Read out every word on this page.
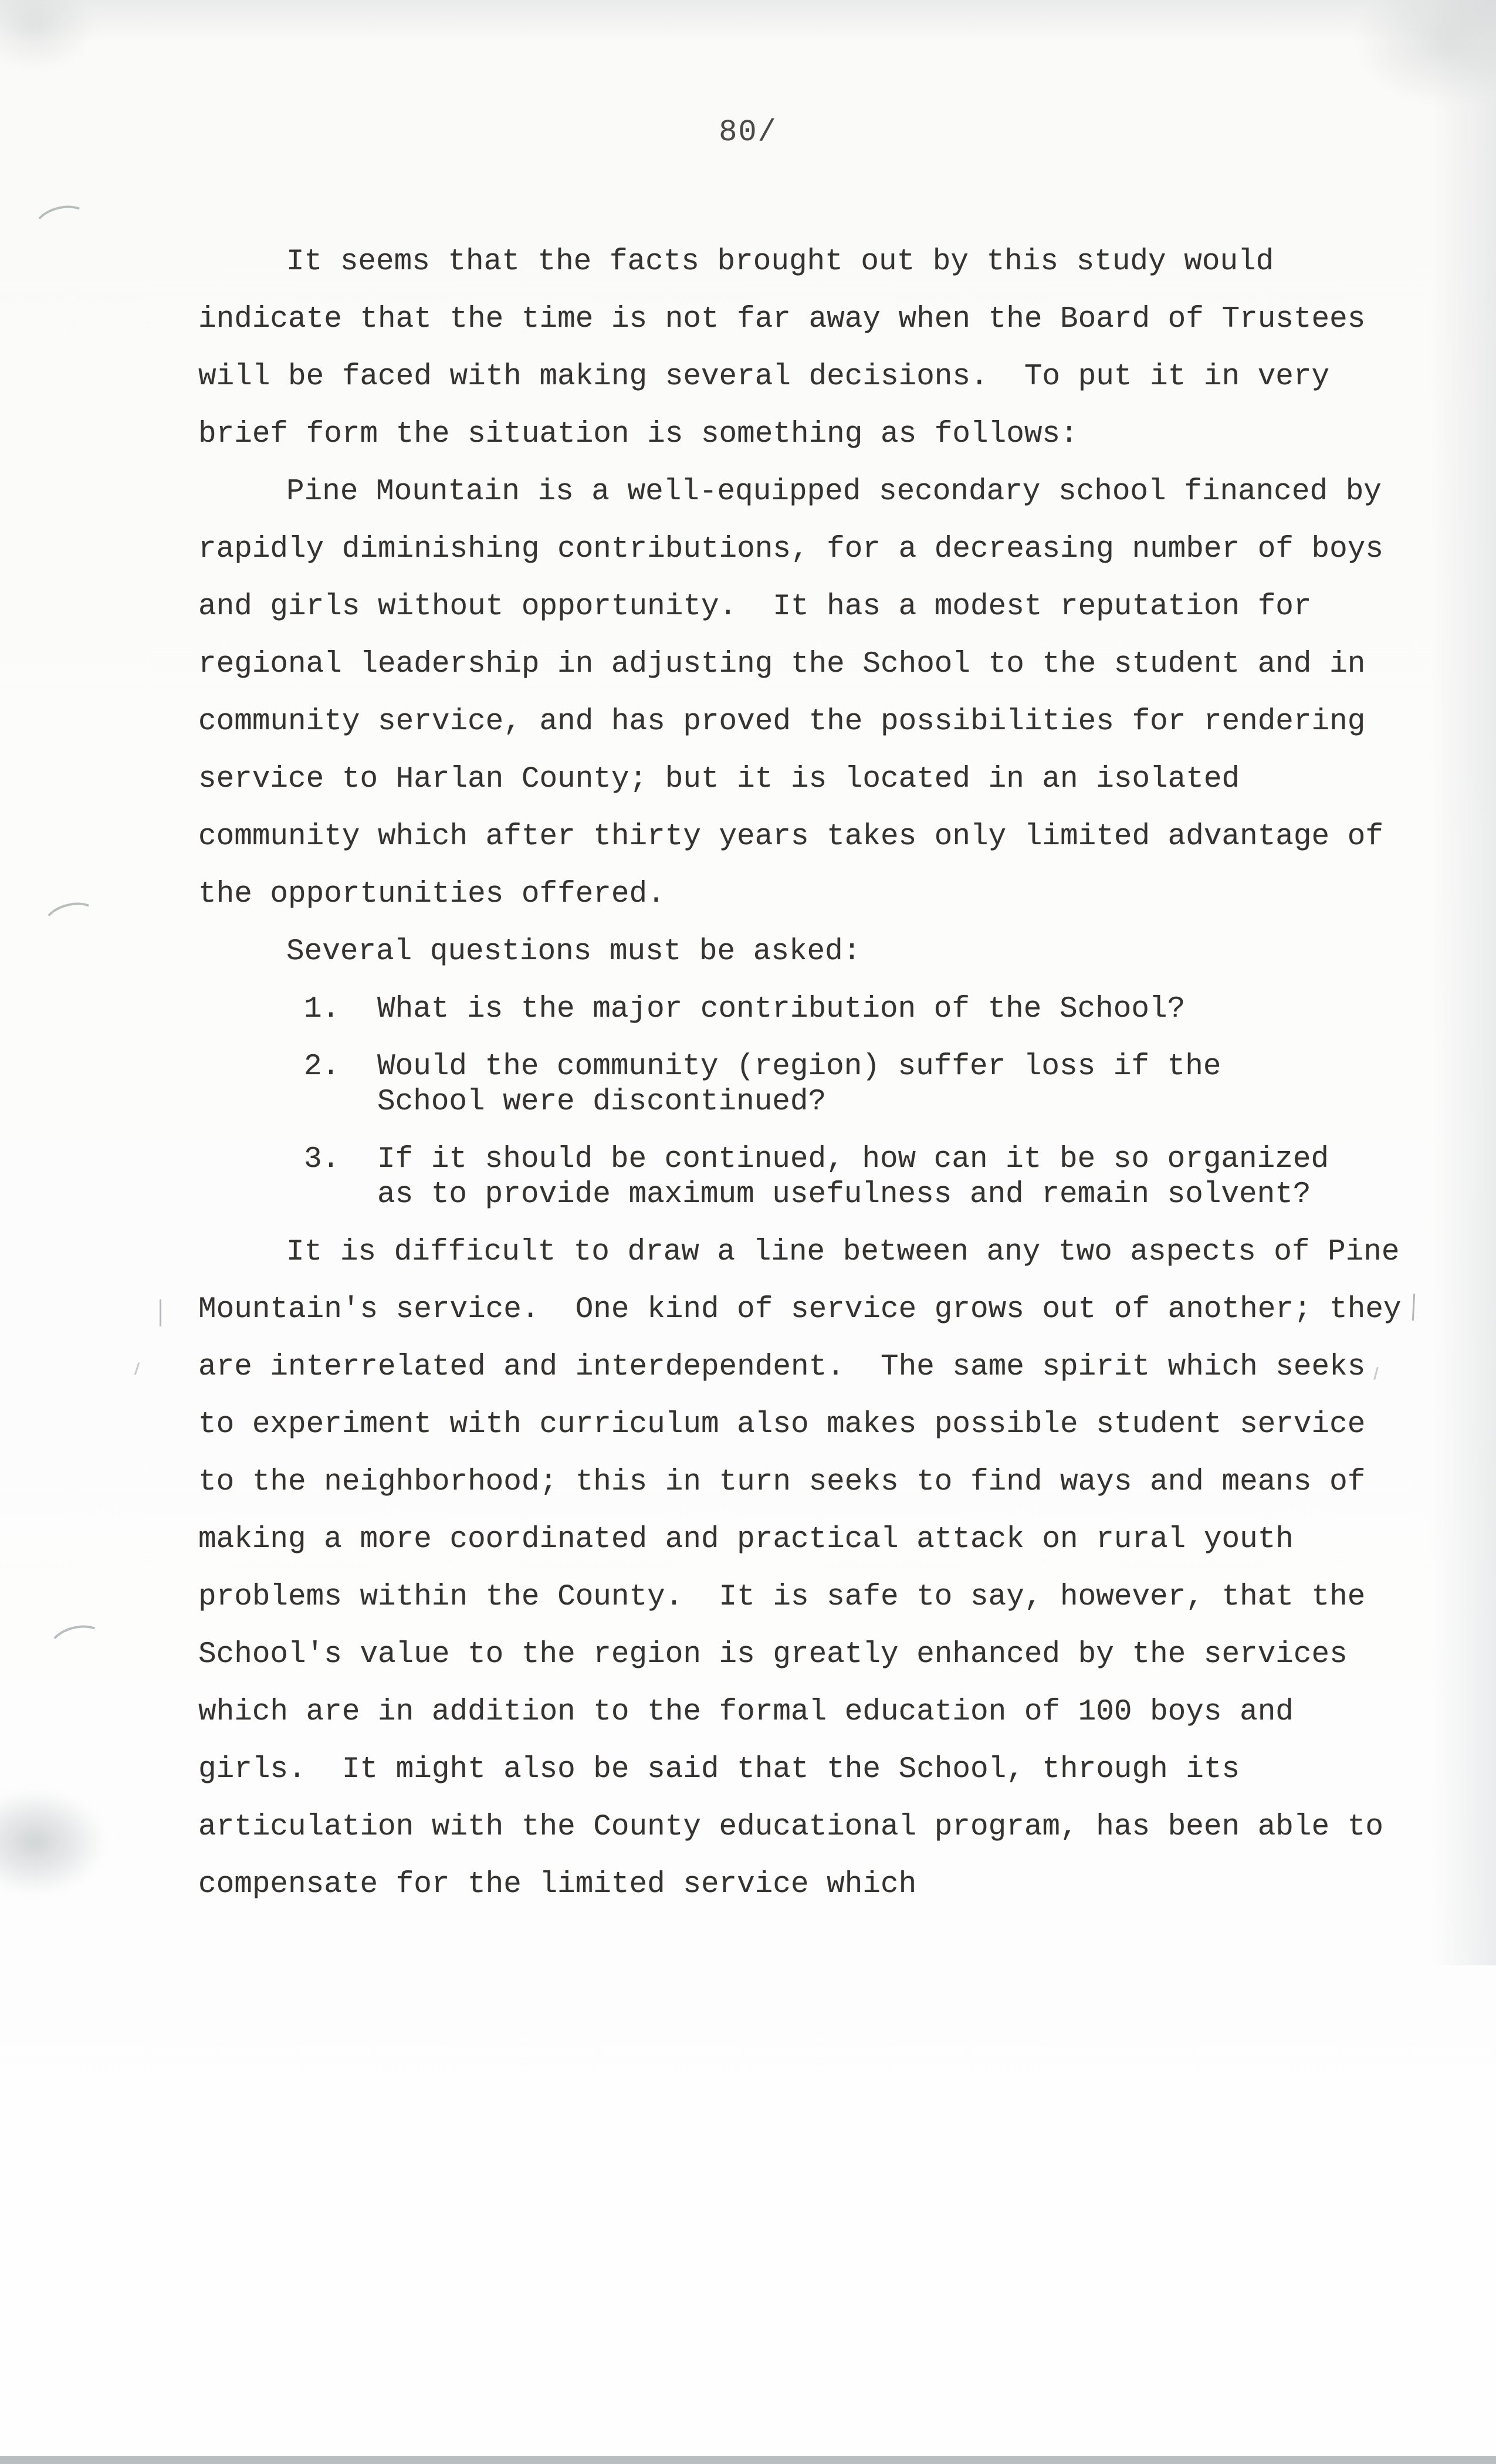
80/

It seems that the facts brought out by this study would indicate that the time is not far away when the Board of Trustees will be faced with making several decisions.  To put it in very brief form the situation is something as follows:

Pine Mountain is a well-equipped secondary school financed by rapidly diminishing contributions, for a decreasing number of boys and girls without opportunity.  It has a modest reputation for regional leadership in adjusting the School to the student and in community service, and has proved the possibilities for rendering service to Harlan County; but it is located in an isolated community which after thirty years takes only limited advantage of the opportunities offered.

Several questions must be asked:

1.	What is the major contribution of the School?
2.	Would the community (region) suffer loss if the School were discontinued?
3.	If it should be continued, how can it be so organized as to provide maximum usefulness and remain solvent?

It is difficult to draw a line between any two aspects of Pine Mountain's service.  One kind of service grows out of another; they are interrelated and interdependent.  The same spirit which seeks to experiment with curriculum also makes possible student service to the neighborhood; this in turn seeks to find ways and means of making a more coordinated and practical attack on rural youth problems within the County.  It is safe to say, however, that the School's value to the region is greatly enhanced by the services which are in addition to the formal education of 100 boys and girls.  It might also be said that the School, through its articulation with the County educational program, has been able to compensate for the limited service which
